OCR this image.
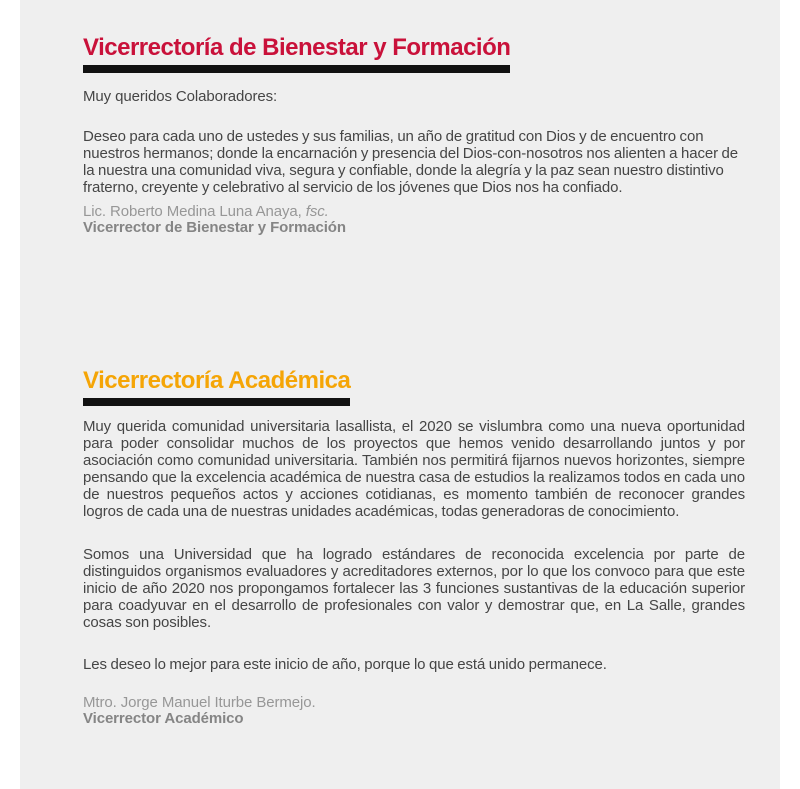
Vicerrectoría de Bienestar y Formación

Muy queridos Colaboradores:

Deseo para cada uno de ustedes y sus familias, un año de gratitud con Dios y de encuentro con nuestros hermanos; donde la encarnación y presencia del Dios-con-nosotros nos alienten a hacer de la nuestra una comunidad viva, segura y confiable, donde la alegría y la paz sean nuestro distintivo fraterno, creyente y celebrativo al servicio de los jóvenes que Dios nos ha confiado.

Lic. Roberto Medina Luna Anaya, fsc.

Vicerrector de Bienestar y Formación

Vicerrectoría Académica

Muy querida comunidad universitaria lasallista, el 2020 se vislumbra como una nueva oportunidad para poder consolidar muchos de los proyectos que hemos venido desarrollando juntos y por asociación como comunidad universitaria. También nos permitirá fijarnos nuevos horizontes, siempre pensando que la excelencia académica de nuestra casa de estudios la realizamos todos en cada uno de nuestros pequeños actos y acciones cotidianas, es momento también de reconocer grandes logros de cada una de nuestras unidades académicas, todas generadoras de conocimiento.

Somos una Universidad que ha logrado estándares de reconocida excelencia por parte de distinguidos organismos evaluadores y acreditadores externos, por lo que los convoco para que este inicio de año 2020 nos propongamos fortalecer las 3 funciones sustantivas de la educación superior para coadyuvar en el desarrollo de profesionales con valor y demostrar que, en La Salle, grandes cosas son posibles.

Les deseo lo mejor para este inicio de año, porque lo que está unido permanece.

Mtro. Jorge Manuel Iturbe Bermejo.

Vicerrector Académico
